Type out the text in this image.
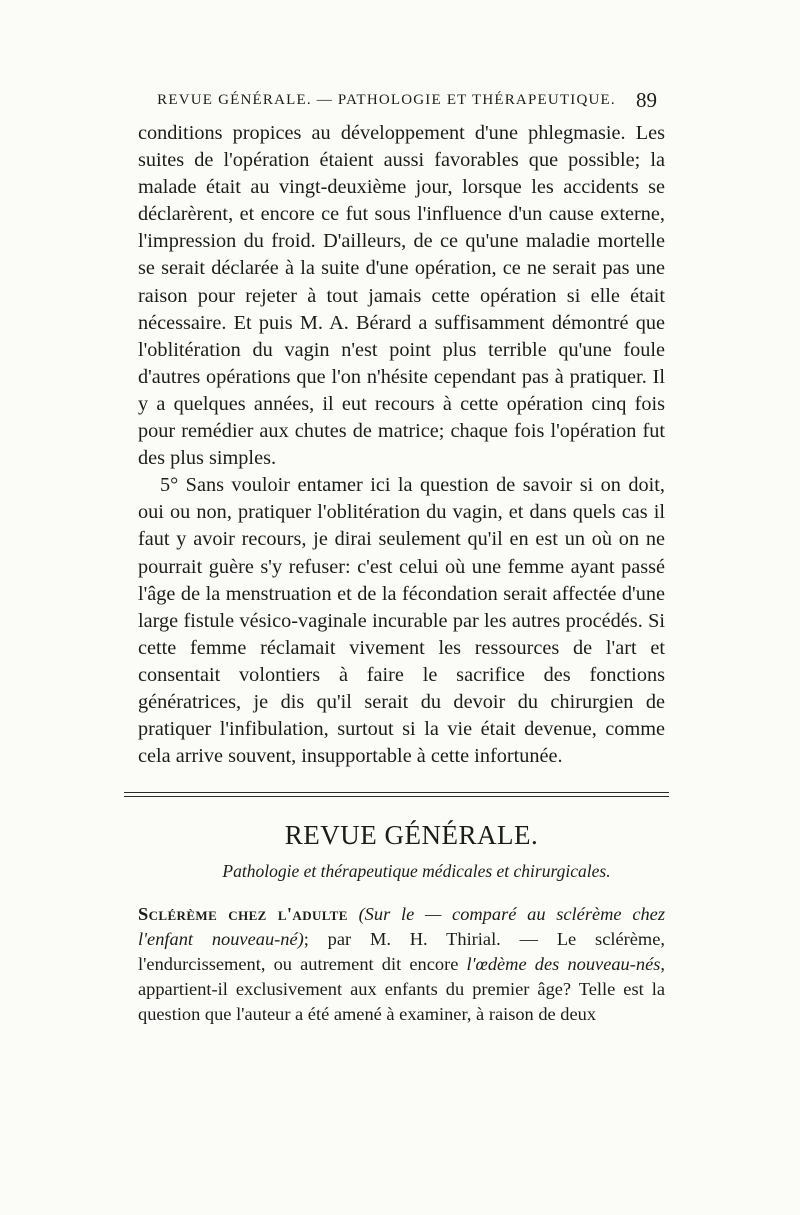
REVUE GÉNÉRALE. — PATHOLOGIE ET THÉRAPEUTIQUE. 89

conditions propices au développement d'une phlegmasie. Les suites de l'opération étaient aussi favorables que possible; la malade était au vingt-deuxième jour, lorsque les accidents se déclarèrent, et encore ce fut sous l'influence d'un cause externe, l'impression du froid. D'ailleurs, de ce qu'une maladie mortelle se serait déclarée à la suite d'une opération, ce ne serait pas une raison pour rejeter à tout jamais cette opération si elle était nécessaire. Et puis M. A. Bérard a suffisamment démontré que l'oblitération du vagin n'est point plus terrible qu'une foule d'autres opérations que l'on n'hésite cependant pas à pratiquer. Il y a quelques années, il eut recours à cette opération cinq fois pour remédier aux chutes de matrice; chaque fois l'opération fut des plus simples.

5° Sans vouloir entamer ici la question de savoir si on doit, oui ou non, pratiquer l'oblitération du vagin, et dans quels cas il faut y avoir recours, je dirai seulement qu'il en est un où on ne pourrait guère s'y refuser: c'est celui où une femme ayant passé l'âge de la menstruation et de la fécondation serait affectée d'une large fistule vésico-vaginale incurable par les autres procédés. Si cette femme réclamait vivement les ressources de l'art et consentait volontiers à faire le sacrifice des fonctions génératrices, je dis qu'il serait du devoir du chirurgien de pratiquer l'infibulation, surtout si la vie était devenue, comme cela arrive souvent, insupportable à cette infortunée.

REVUE GÉNÉRALE.
Pathologie et thérapeutique médicales et chirurgicales.
Sclérème chez l'adulte (Sur le — comparé au sclérème chez l'enfant nouveau-né); par M. H. Thirial. — Le sclérème, l'endurcissement, ou autrement dit encore l'œdème des nouveau-nés, appartient-il exclusivement aux enfants du premier âge? Telle est la question que l'auteur a été amené à examiner, à raison de deux
